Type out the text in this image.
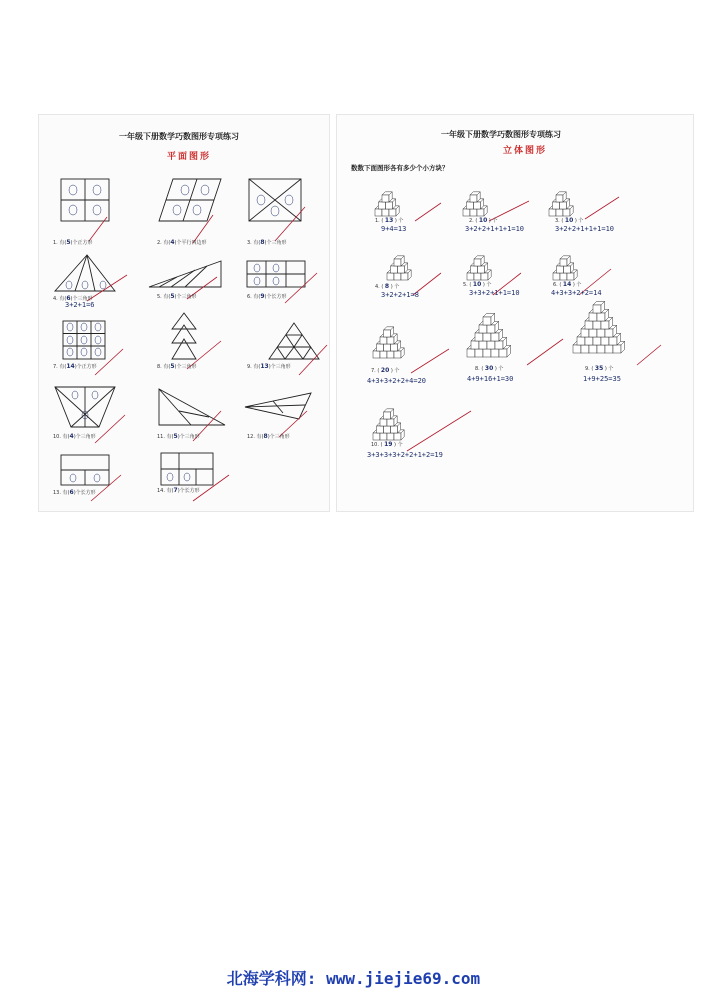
一年级下册数学巧数图形专项练习
平面图形
1. 有(5)个正方形	2. 有(4)个平行四边形	3. 有(8)个三角形
4. 有(6)个三角形
3+2+1=6
5. 有(5)个三角形	6. 有(9)个长方形
7. 有(14)个正方形	8. 有(5)个三角形	9. 有(13)个三角形
10. 有(4)个三角形	11. 有(5)个三角形	12. 有(8)个三角形
13. 有(6)个长方形	14. 有(7)个长方形
一年级下册数学巧数图形专项练习
立体图形
数数下面图形各有多少个小方块？
1. ( 13 ) 个
9+4=13
2. ( 10 ) 个
3+2+2+1+1+1=10
3. ( 10 ) 个
3+2+2+1+1+1=10
4. ( 8 ) 个
3+2+2+1=8
5. ( 10 ) 个
3+3+2+1+1=10
6. ( 14 ) 个
4+3+3+2+2=14
7. ( 20 ) 个
4+3+3+2+2+4=20
8. ( 30 ) 个
4+9+16+1=30
9. ( 35 ) 个
1+9+25=35
10. ( 19 ) 个
3+3+3+3+2+2+1+2=19
北海学科网: www.jiejie69.com
